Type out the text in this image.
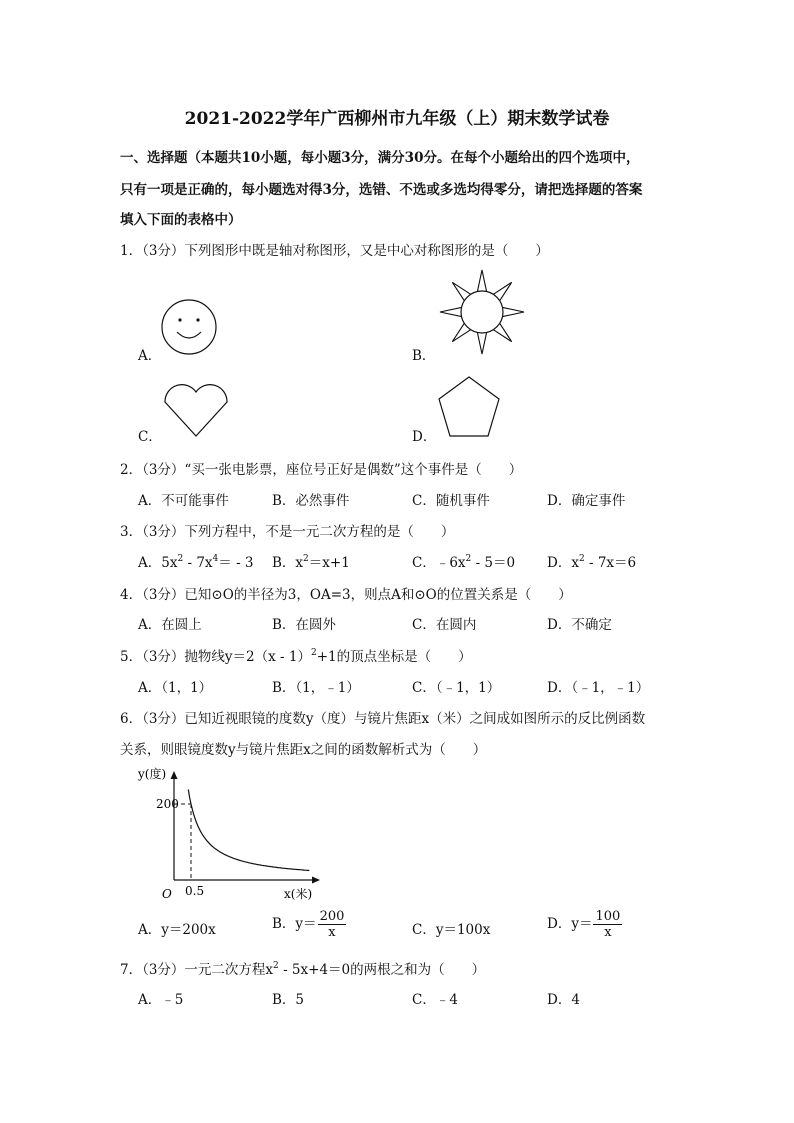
2021-2022学年广西柳州市九年级（上）期末数学试卷
一、选择题（本题共10小题，每小题3分，满分30分。在每个小题给出的四个选项中，
只有一项是正确的，每小题选对得3分，选错、不选或多选均得零分，请把选择题的答案
填入下面的表格中）
1．（3分）下列图形中既是轴对称图形，又是中心对称图形的是（　　）
A．	B．
C．	D．
2．（3分）“买一张电影票，座位号正好是偶数”这个事件是（　　）
A．不可能事件	B．必然事件	C．随机事件	D．确定事件
3．（3分）下列方程中，不是一元二次方程的是（　　）
A．$5x^2 - 7x^4= - 3$ B．$x^2=x+1$	C．$﹣6x^2 - 5=0$ D．$x^2 - 7x=6$
4．（3分）已知⊙O的半径为3，OA=3，则点A和⊙O的位置关系是（　　）
A．在圆上	B．在圆外	C．在圆内	D．不确定
5．（3分）抛物线y＝2（x - 1）$^2$+1的顶点坐标是（　　）
A．（1，1）	B．（1，﹣1）	C．（﹣1，1）	D．（﹣1，﹣1）
6．（3分）已知近视眼镜的度数y（度）与镜片焦距x（米）之间成如图所示的反比例函数
关系，则眼镜度数y与镜片焦距x之间的函数解析式为（　　）
200
0.5
O
y(度)
x(米)
A．y＝200x	B．$y= \frac{200}{x}$	C．y＝100x	D．$y= \frac{100}{x}$
7．（3分）一元二次方程$x^2 - 5x+4=0$的两根之和为（　　）
A．﹣5	B．5	C．﹣4	D．4
